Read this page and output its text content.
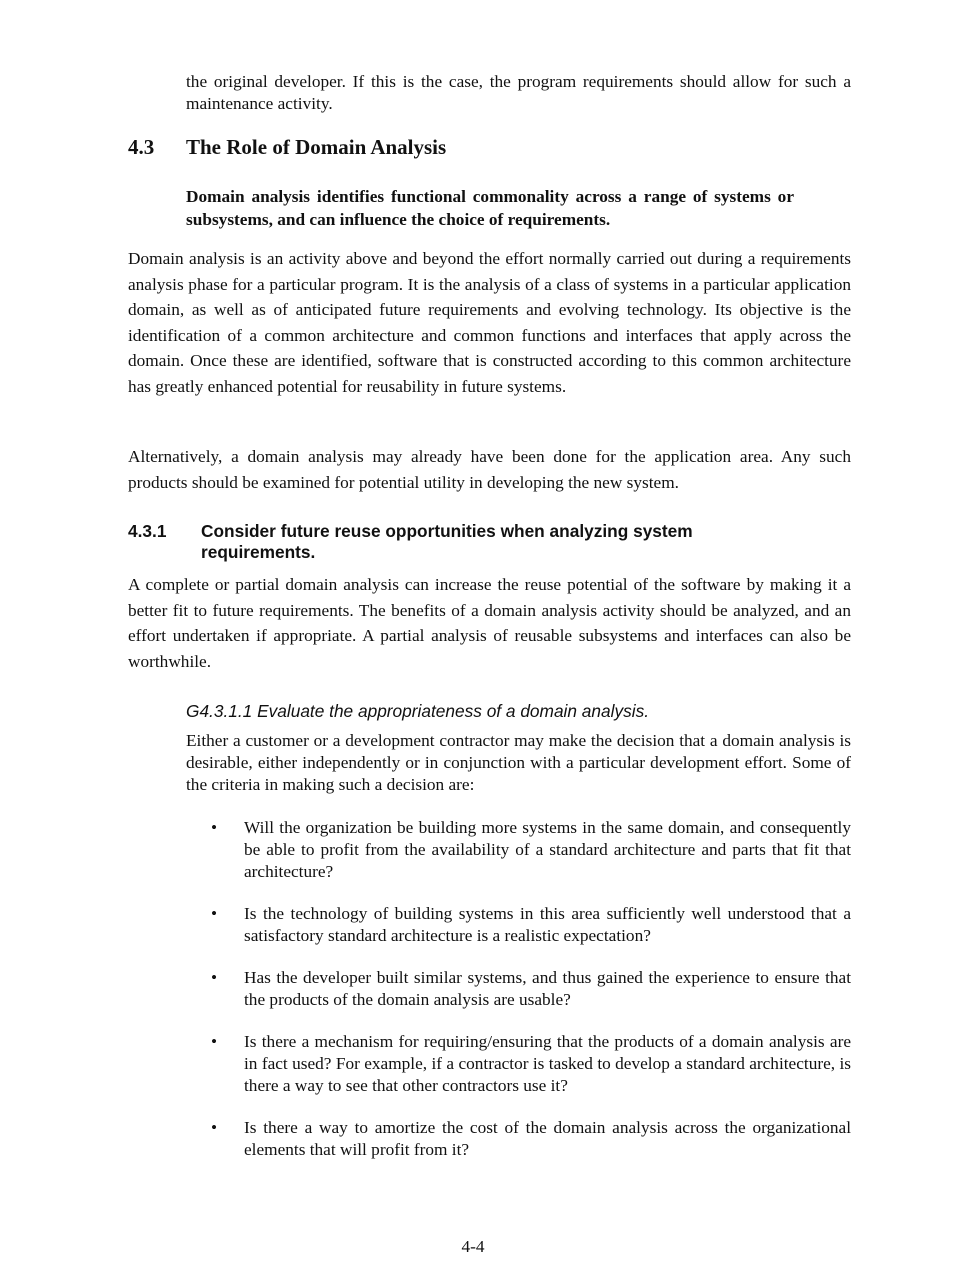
the original developer. If this is the case, the program requirements should allow for such a maintenance activity.

4.3 The Role of Domain Analysis

Domain analysis identifies functional commonality across a range of systems or subsystems, and can influence the choice of requirements.

Domain analysis is an activity above and beyond the effort normally carried out during a requirements analysis phase for a particular program. It is the analysis of a class of systems in a particular application domain, as well as of anticipated future requirements and evolving technology. Its objective is the identification of a common architecture and common functions and interfaces that apply across the domain. Once these are identified, software that is constructed according to this common architecture has greatly enhanced potential for reusability in future systems.

Alternatively, a domain analysis may already have been done for the application area. Any such products should be examined for potential utility in developing the new system.

4.3.1	Consider future reuse opportunities when analyzing system requirements.

A complete or partial domain analysis can increase the reuse potential of the software by making it a better fit to future requirements. The benefits of a domain analysis activity should be analyzed, and an effort undertaken if appropriate. A partial analysis of reusable subsystems and interfaces can also be worthwhile.

G4.3.1.1 Evaluate the appropriateness of a domain analysis.

Either a customer or a development contractor may make the decision that a domain analysis is desirable, either independently or in conjunction with a particular development effort. Some of the criteria in making such a decision are:

•	Will the organization be building more systems in the same domain, and consequently be able to profit from the availability of a standard architecture and parts that fit that architecture?
•	Is the technology of building systems in this area sufficiently well understood that a satisfactory standard architecture is a realistic expectation?
•	Has the developer built similar systems, and thus gained the experience to ensure that the products of the domain analysis are usable?
•	Is there a mechanism for requiring/ensuring that the products of a domain analysis are in fact used? For example, if a contractor is tasked to develop a standard architecture, is there a way to see that other contractors use it?
•	Is there a way to amortize the cost of the domain analysis across the organizational elements that will profit from it?
4-4
